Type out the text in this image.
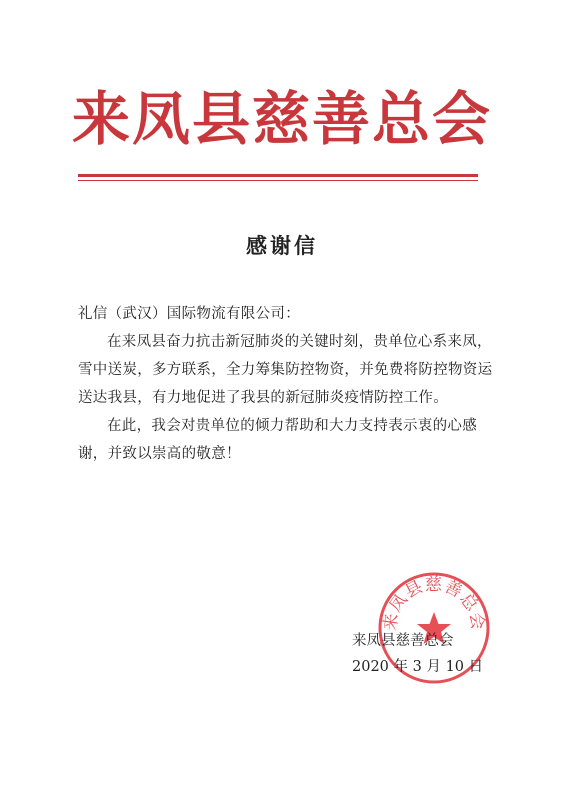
来凤县慈善总会
感谢信
礼信（武汉）国际物流有限公司：
在来凤县奋力抗击新冠肺炎的关键时刻，贵单位心系来凤，雪中送炭，多方联系，全力筹集防控物资，并免费将防控物资运送达我县，有力地促进了我县的新冠肺炎疫情防控工作。
在此，我会对贵单位的倾力帮助和大力支持表示衷的心感谢，并致以崇高的敬意！
来凤县慈善总会
来凤县慈善总会
2020 年 3 月 10 日
